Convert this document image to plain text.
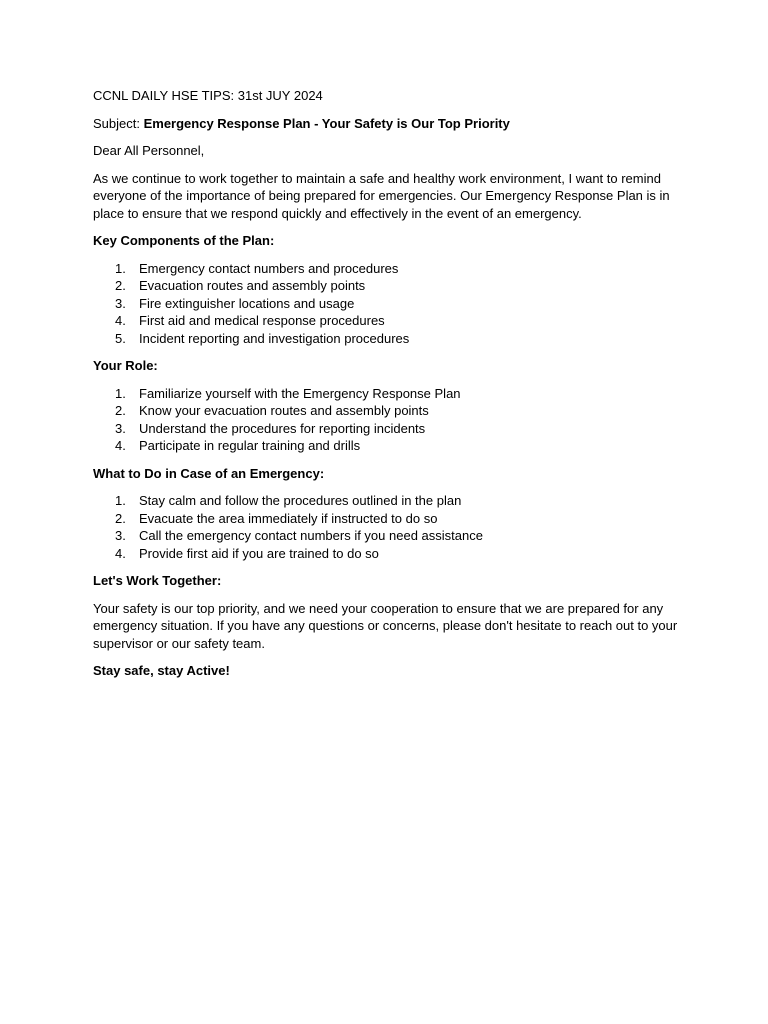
CCNL DAILY HSE TIPS: 31st JUY 2024

Subject: Emergency Response Plan - Your Safety is Our Top Priority

Dear All Personnel,

As we continue to work together to maintain a safe and healthy work environment, I want to remind everyone of the importance of being prepared for emergencies. Our Emergency Response Plan is in place to ensure that we respond quickly and effectively in the event of an emergency.

Key Components of the Plan:

1.	Emergency contact numbers and procedures
2.	Evacuation routes and assembly points
3.	Fire extinguisher locations and usage
4.	First aid and medical response procedures
5.	Incident reporting and investigation procedures

Your Role:

1.	Familiarize yourself with the Emergency Response Plan
2.	Know your evacuation routes and assembly points
3.	Understand the procedures for reporting incidents
4.	Participate in regular training and drills

What to Do in Case of an Emergency:

1.	Stay calm and follow the procedures outlined in the plan
2.	Evacuate the area immediately if instructed to do so
3.	Call the emergency contact numbers if you need assistance
4.	Provide first aid if you are trained to do so

Let's Work Together:

Your safety is our top priority, and we need your cooperation to ensure that we are prepared for any emergency situation. If you have any questions or concerns, please don't hesitate to reach out to your supervisor or our safety team.

Stay safe, stay Active!
